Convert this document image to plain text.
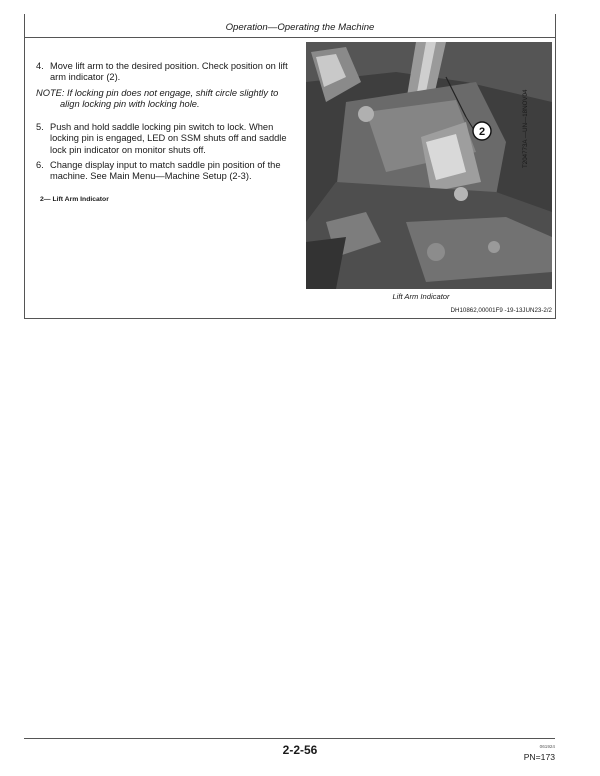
Operation—Operating the Machine
4. Move lift arm to the desired position. Check position on lift arm indicator (2).
NOTE: If locking pin does not engage, shift circle slightly to align locking pin with locking hole.
5. Push and hold saddle locking pin switch to lock. When locking pin is engaged, LED on SSM shuts off and saddle lock pin indicator on monitor shuts off.
6. Change display input to match saddle pin position of the machine. See Main Menu—Machine Setup (2-3).
2— Lift Arm Indicator
2	T204773A —UN—18NOV04
Lift Arm Indicator
DH10862,00001F9 -19-13JUN23-2/2
2-2-56	061924
PN=173
